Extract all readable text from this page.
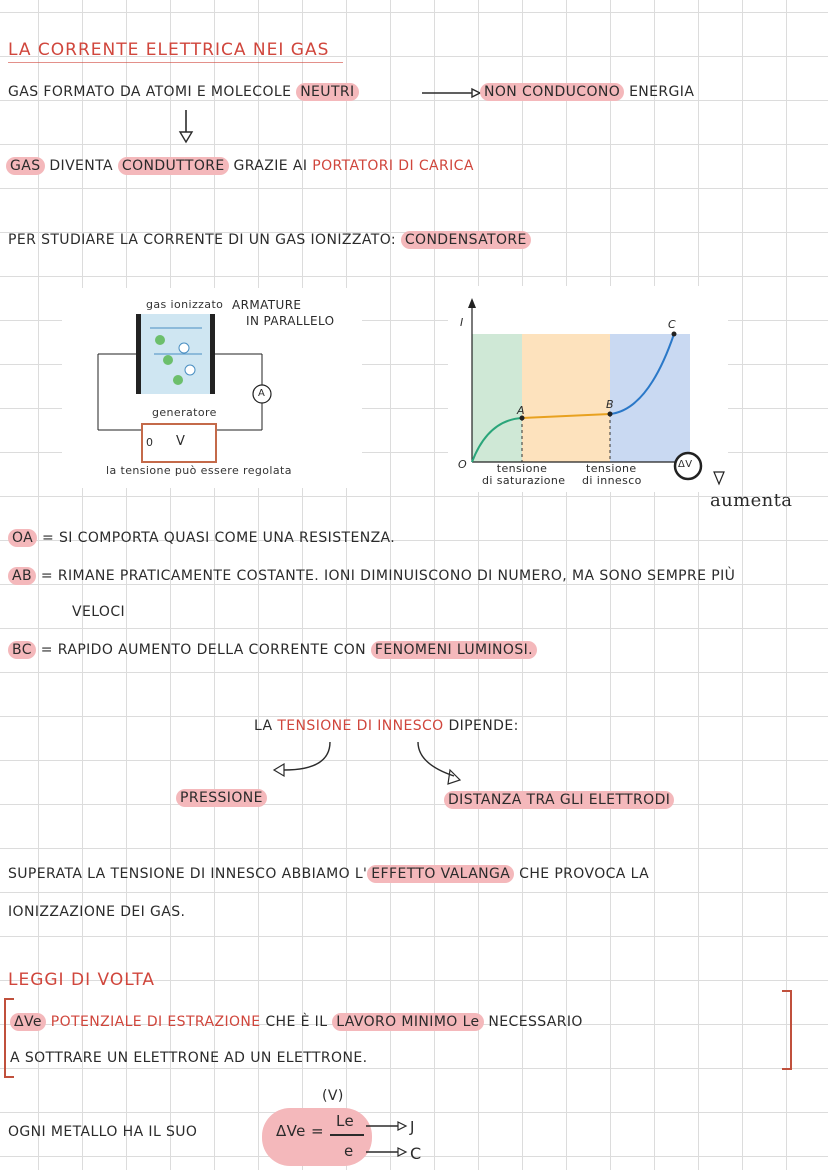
LA CORRENTE ELETTRICA NEI GAS
GAS FORMATO DA ATOMI E MOLECOLE NEUTRI	NON CONDUCONO ENERGIA
GAS DIVENTA CONDUTTORE GRAZIE AI PORTATORI DI CARICA
PER STUDIARE LA CORRENTE DI UN GAS IONIZZATO: CONDENSATORE
gas ionizzato ARMATURE
IN PARALLELO
A
generatore
0 V
la tensione può essere regolata
I
O
A	B
C
tensione
di saturazione
tensione
di innesco
ΔV
aumenta
OA = SI COMPORTA QUASI COME UNA RESISTENZA.
AB = RIMANE PRATICAMENTE COSTANTE. IONI DIMINUISCONO DI NUMERO, MA SONO SEMPRE PIÙ
VELOCI
BC = RAPIDO AUMENTO DELLA CORRENTE CON FENOMENI LUMINOSI.
LA TENSIONE DI INNESCO DIPENDE:
PRESSIONE	DISTANZA TRA GLI ELETTRODI
SUPERATA LA TENSIONE DI INNESCO ABBIAMO L' EFFETTO VALANGA CHE PROVOCA LA
IONIZZAZIONE DEI GAS.
LEGGI DI VOLTA
ΔVe POTENZIALE DI ESTRAZIONE CHE È IL LAVORO MINIMO Le NECESSARIO
A SOTTRARE UN ELETTRONE AD UN ELETTRONE.
OGNI METALLO HA IL SUO	ΔVe =
Le
e
(V)
J
C
